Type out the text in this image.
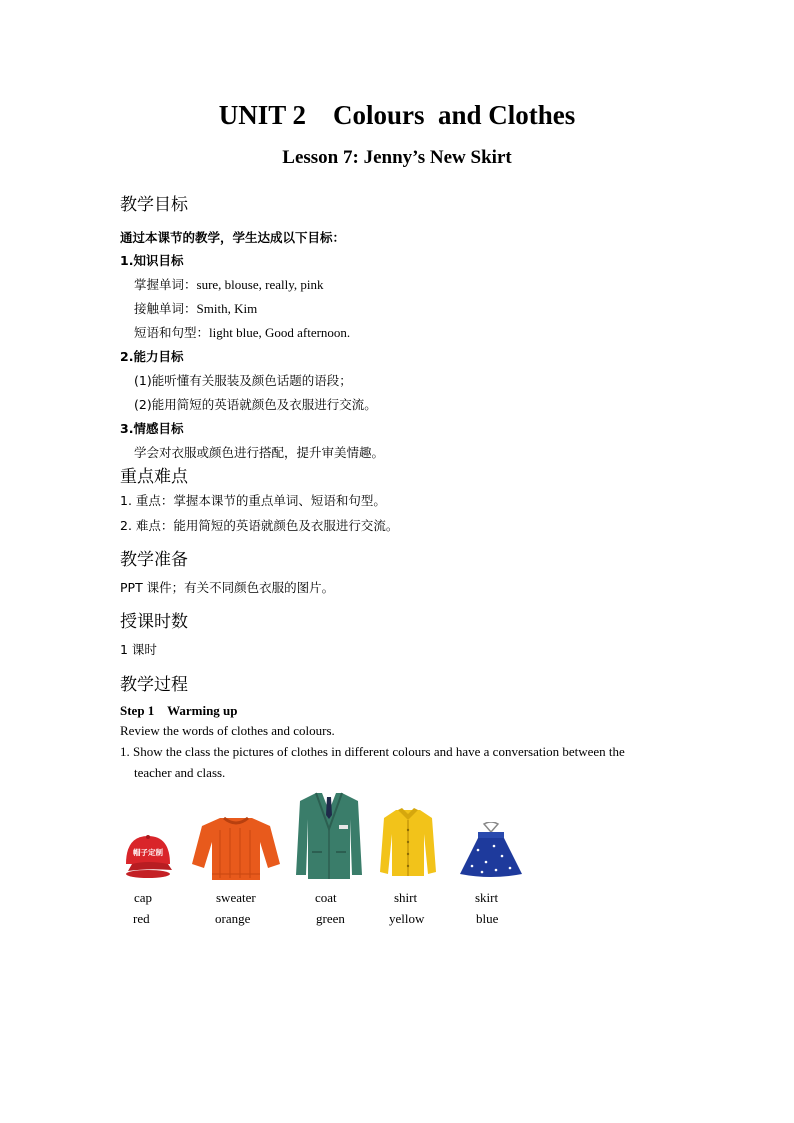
UNIT 2    Colours  and Clothes
Lesson 7: Jenny’s New Skirt
教学目标
通过本课节的教学，学生达成以下目标：
1.知识目标
掌握单词：sure, blouse, really, pink
接触单词：Smith, Kim
短语和句型：light blue, Good afternoon.
2.能力目标
(1)能听懂有关服装及颜色话题的语段；
(2)能用简短的英语就颜色及衣服进行交流。
3.情感目标
学会对衣服或颜色进行搭配，提升审美情趣。
重点难点
1. 重点：掌握本课节的重点单词、短语和句型。
2. 难点：能用简短的英语就颜色及衣服进行交流。
教学准备
PPT 课件；有关不同颜色衣服的图片。
授课时数
1 课时
教学过程
Step 1    Warming up
Review the words of clothes and colours.
1. Show the class the pictures of clothes in different colours and have a conversation between the
teacher and class.
帽子定制
cap	sweater	coat	shirt	skirt
red	orange	green	yellow	blue
